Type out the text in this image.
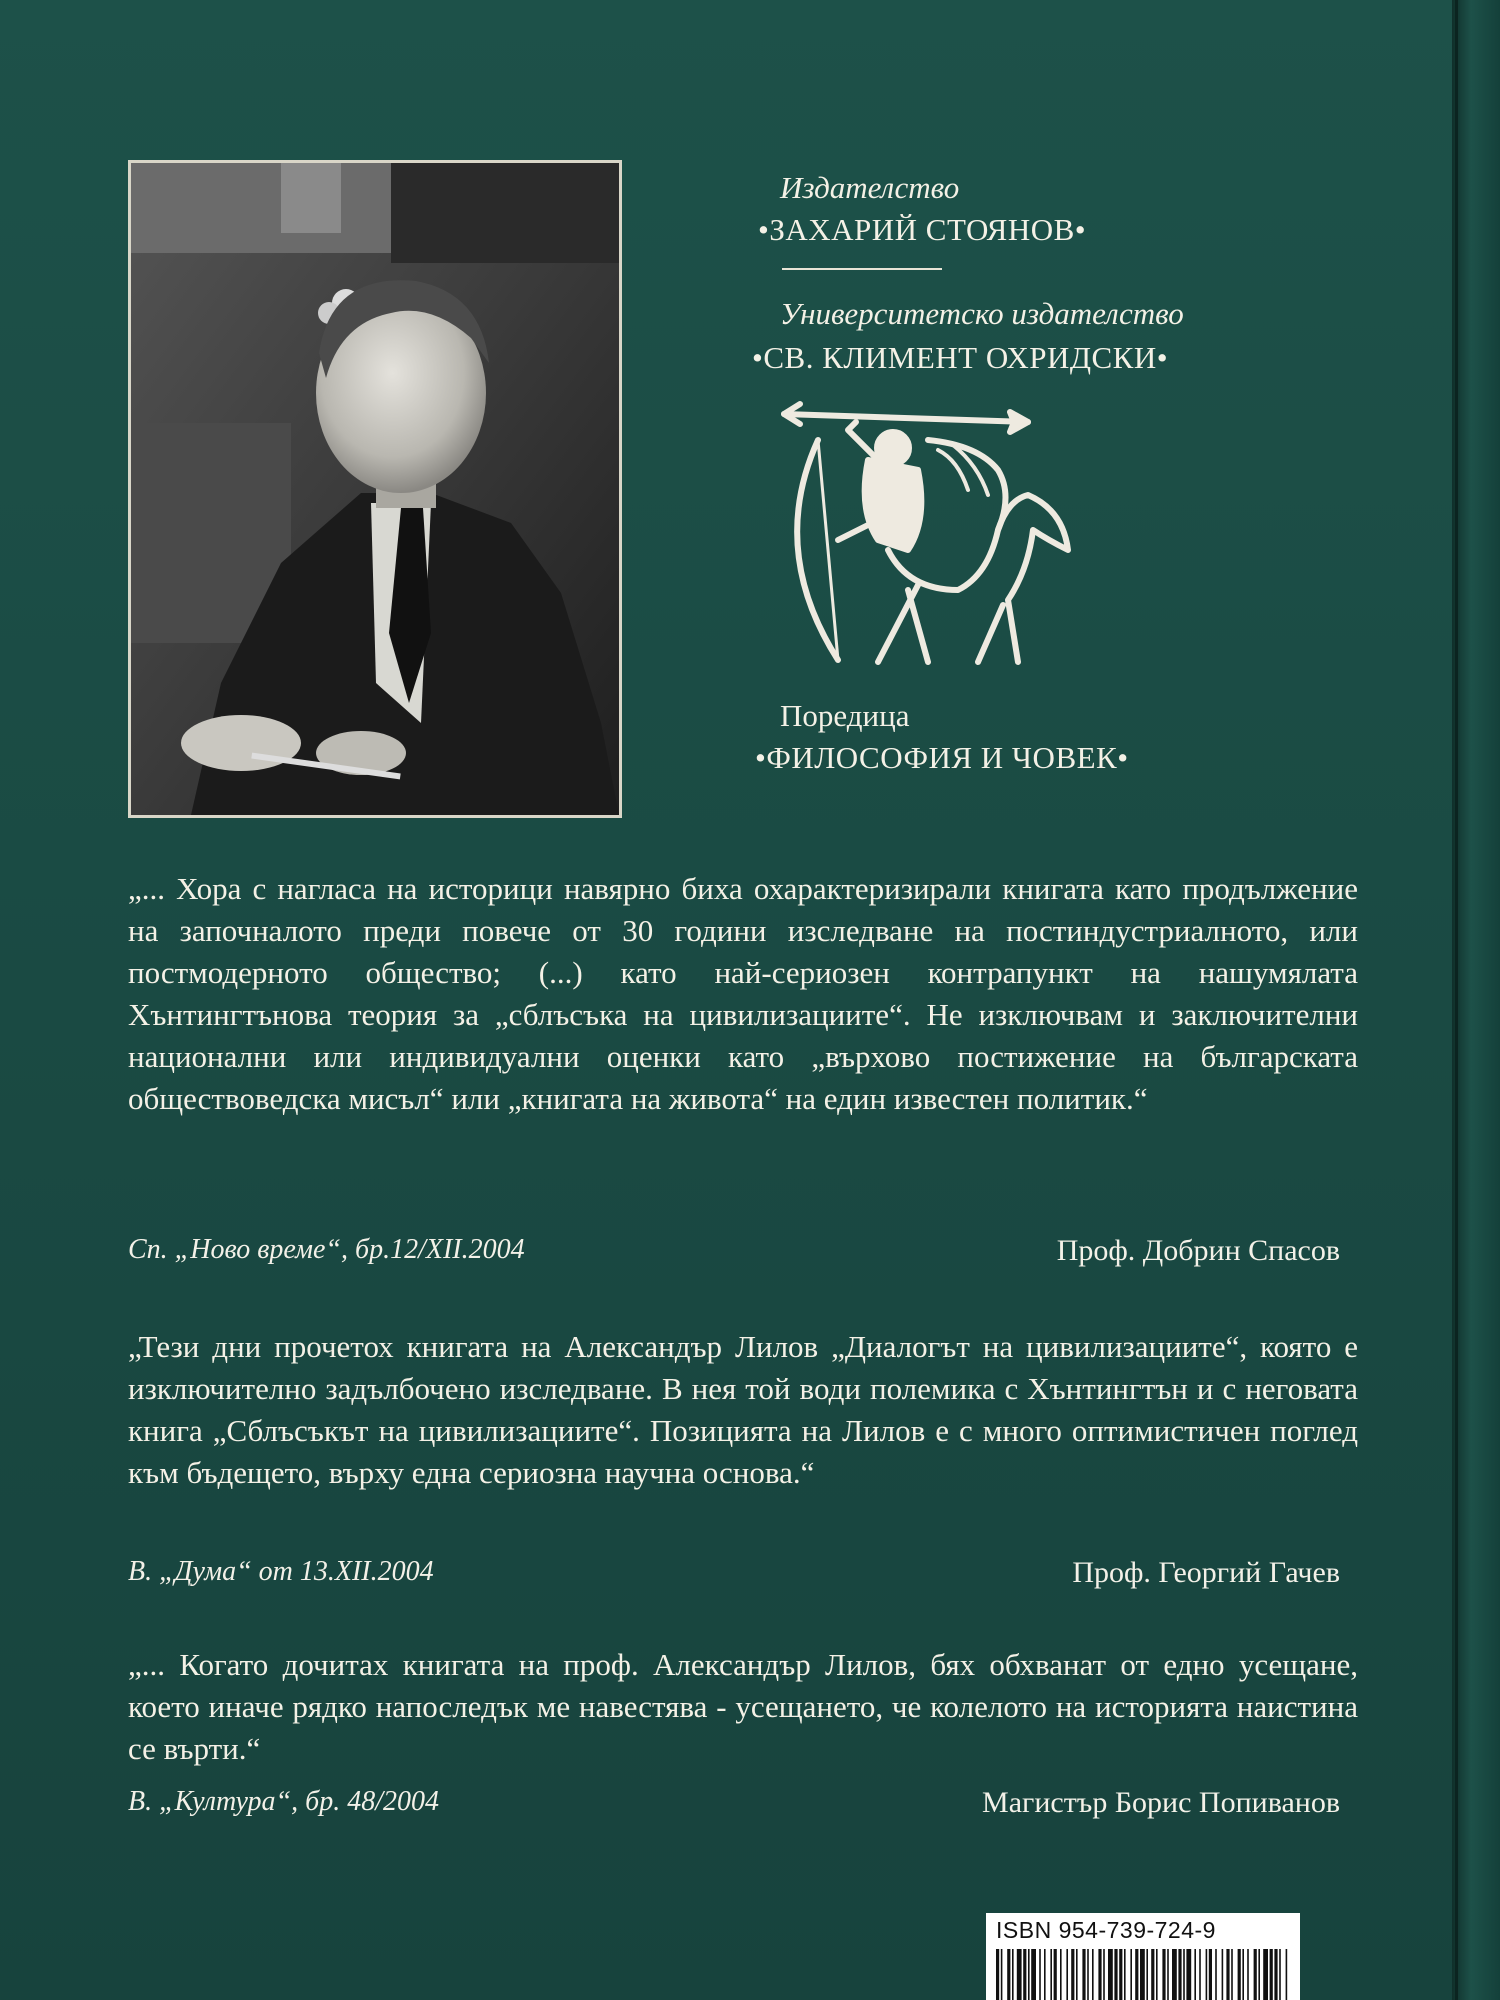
Издателство
•ЗАХАРИЙ СТОЯНОВ•
Университетско издателство
•СВ. КЛИМЕНТ ОХРИДСКИ•
Поредица
•ФИЛОСОФИЯ И ЧОВЕК•
„... Хора с нагласа на историци навярно биха охарактеризирали книгата като продължение на започналото преди повече от 30 години изследване на постиндустриалното, или постмодерното общество; (...) като най-сериозен контрапункт на нашумялата Хънтингтънова теория за „сблъсъка на цивилизациите“. Не изключвам и заключителни национални или индивидуални оценки като „върхово постижение на българската обществоведска мисъл“ или „книгата на живота“ на един известен политик.“
Сп. „Ново време“, бр.12/XII.2004	Проф. Добрин Спасов
„Тези дни прочетох книгата на Александър Лилов „Диалогът на цивилизациите“, която е изключително задълбочено изследване. В нея той води полемика с Хънтингтън и с неговата книга „Сблъсъкът на цивилизациите“. Позицията на Лилов е с много оптимистичен поглед към бъдещето, върху една сериозна научна основа.“
В. „Дума“ от 13.XII.2004	Проф. Георгий Гачев
„... Когато дочитах книгата на проф. Александър Лилов, бях обхванат от едно усещане, което иначе рядко напоследък ме навестява - усещането, че колелото на историята наистина се върти.“
В. „Култура“, бр. 48/2004	Магистър Борис Попиванов
ISBN 954-739-724-9
